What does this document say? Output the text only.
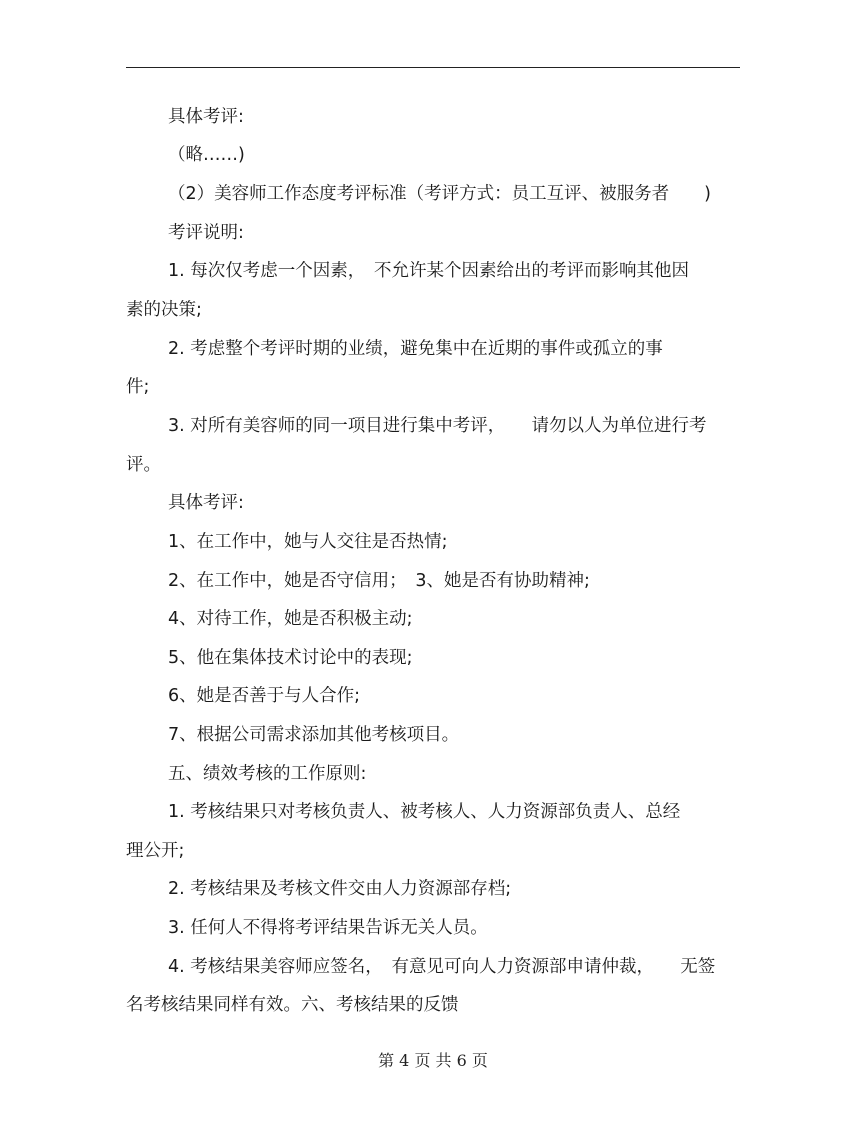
具体考评:
（略……)
（2）美容师工作态度考评标准（考评方式：员工互评、被服务者　　)
考评说明:
1. 每次仅考虑一个因素，　不允许某个因素给出的考评而影响其他因
素的决策;
2. 考虑整个考评时期的业绩，避免集中在近期的事件或孤立的事
件;
3. 对所有美容师的同一项目进行集中考评，　　请勿以人为单位进行考
评。
具体考评:
1、在工作中，她与人交往是否热情;
2、在工作中，她是否守信用；　3、她是否有协助精神;
4、对待工作，她是否积极主动;
5、他在集体技术讨论中的表现;
6、她是否善于与人合作;
7、根据公司需求添加其他考核项目。
五、绩效考核的工作原则:
1. 考核结果只对考核负责人、被考核人、人力资源部负责人、总经
理公开;
2. 考核结果及考核文件交由人力资源部存档;
3. 任何人不得将考评结果告诉无关人员。
4. 考核结果美容师应签名，　有意见可向人力资源部申请仲裁，　　无签
名考核结果同样有效。六、考核结果的反馈
第 4 页 共 6 页
